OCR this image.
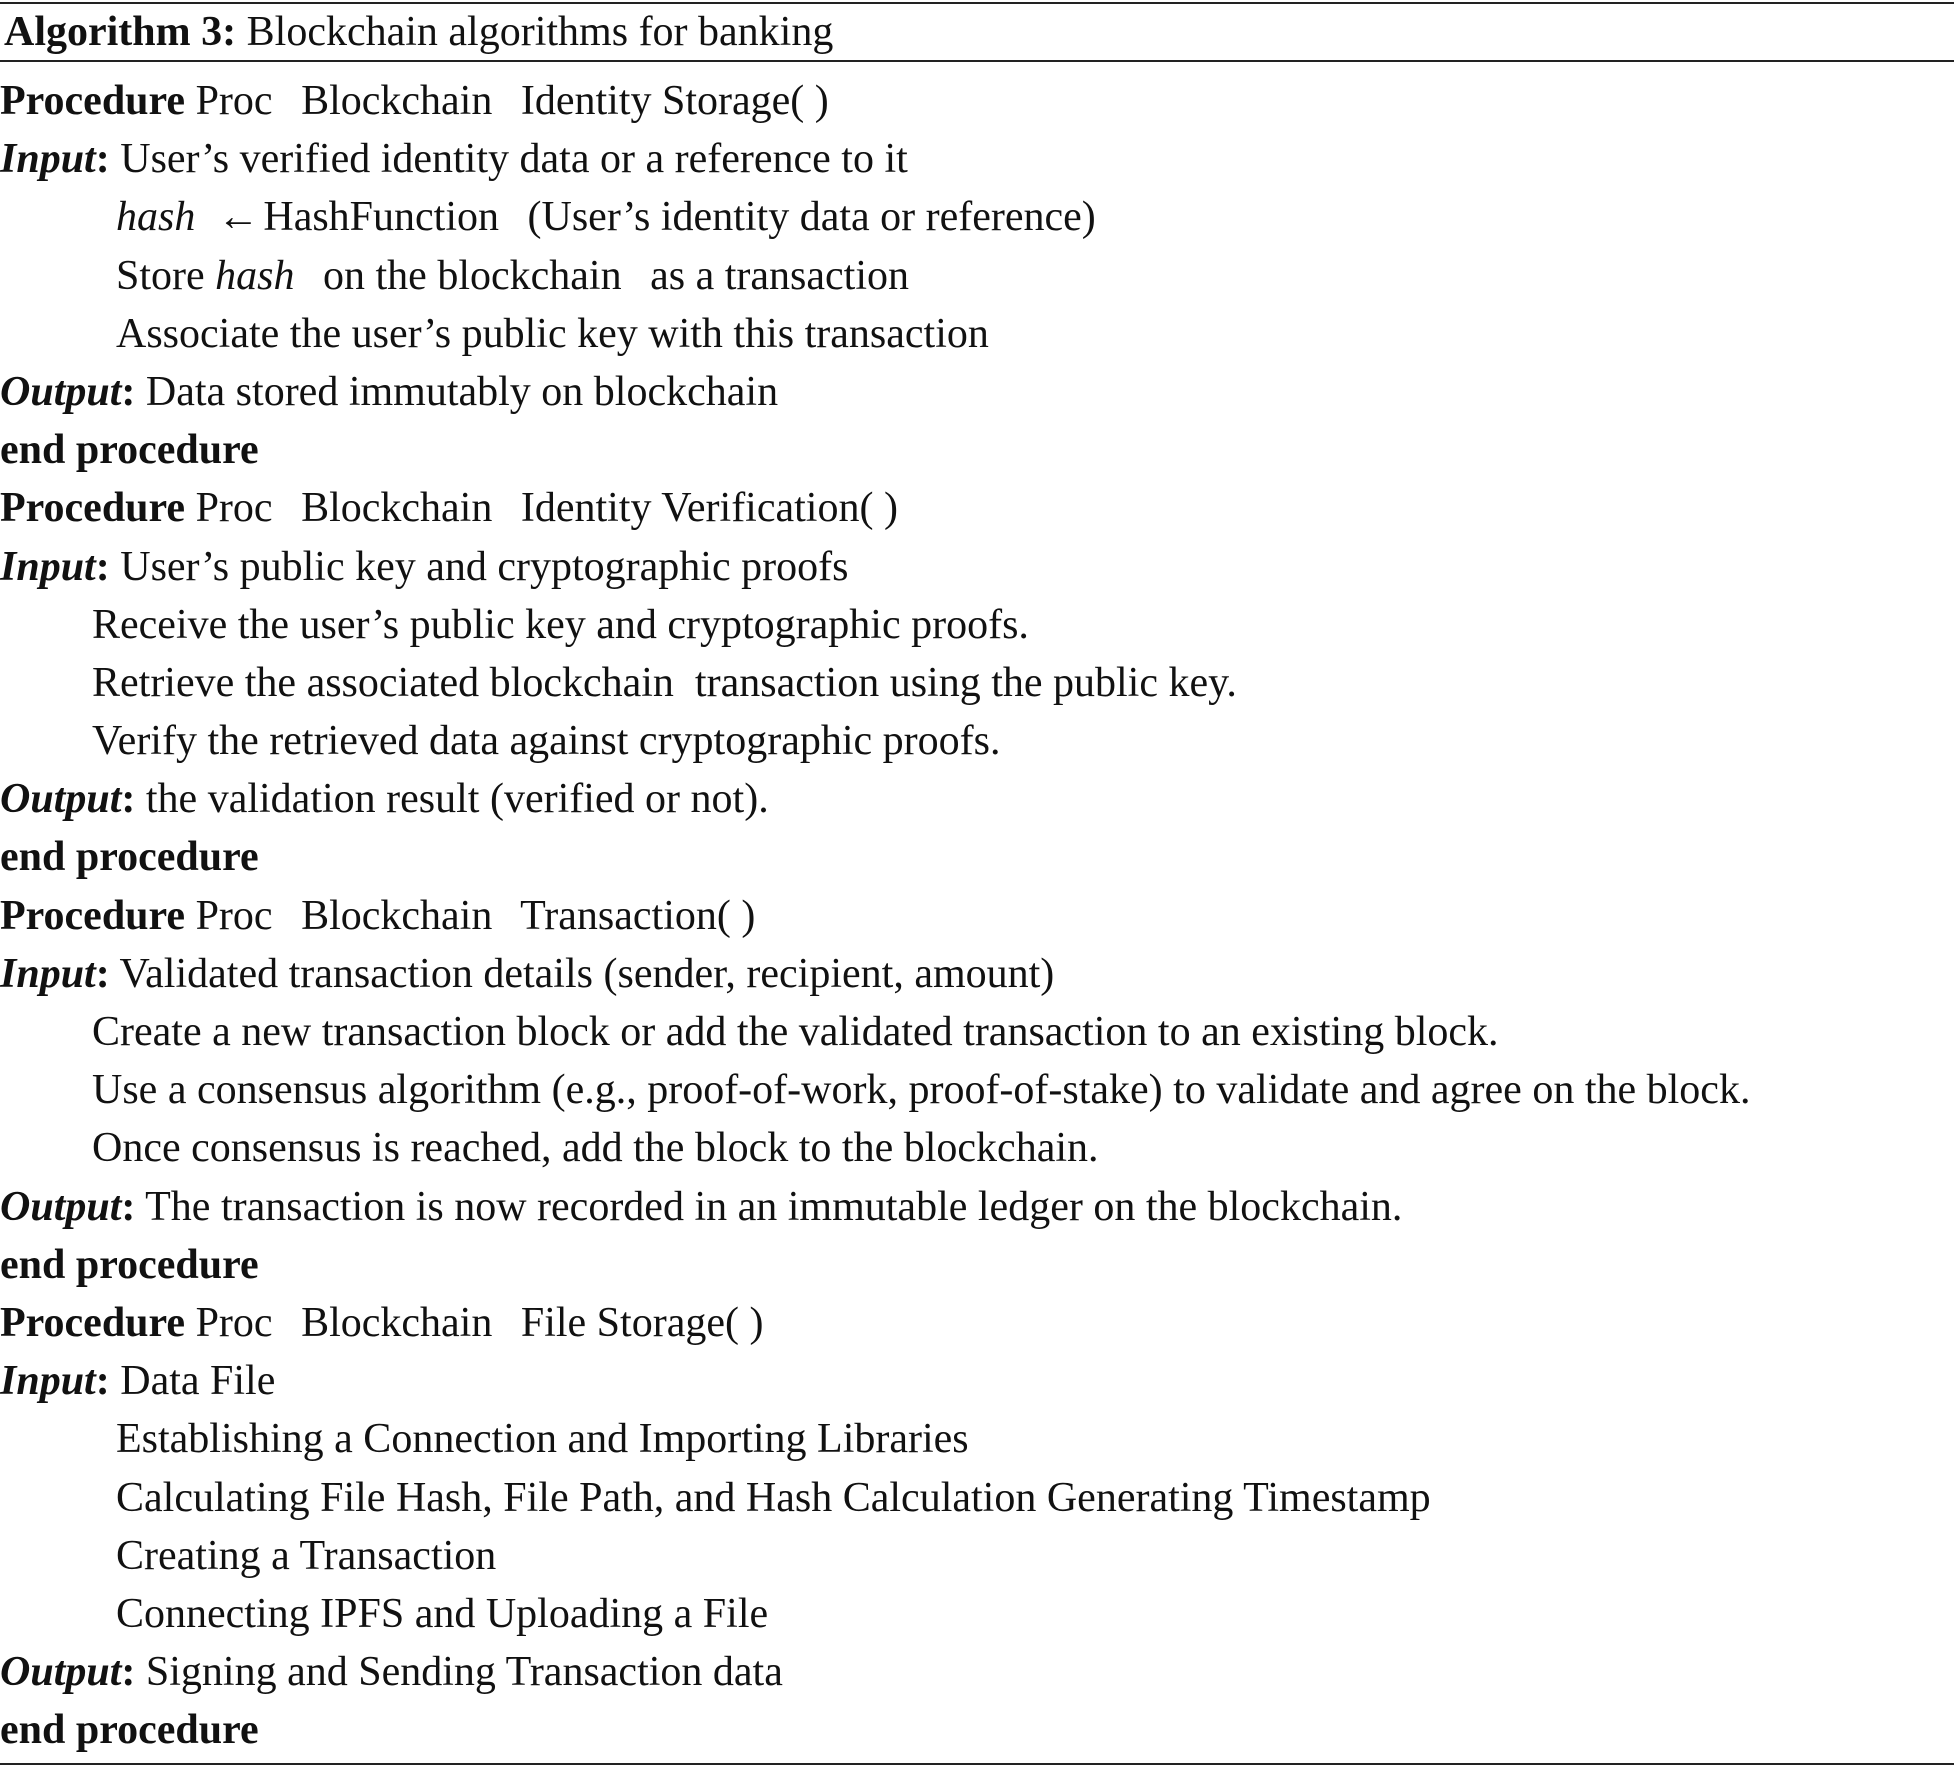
Algorithm 3: Blockchain algorithms for banking
Procedure Proc Blockchain Identity Storage( )
Input: User’s verified identity data or a reference to it
hash ←HashFunction (User’s identity data or reference)
Store hash on the blockchain as a transaction
Associate the user’s public key with this transaction
Output: Data stored immutably on blockchain
end procedure
Procedure Proc Blockchain Identity Verification( )
Input: User’s public key and cryptographic proofs
Receive the user’s public key and cryptographic proofs.
Retrieve the associated blockchain  transaction using the public key.
Verify the retrieved data against cryptographic proofs.
Output: the validation result (verified or not).
end procedure
Procedure Proc Blockchain Transaction( )
Input: Validated transaction details (sender, recipient, amount)
Create a new transaction block or add the validated transaction to an existing block.
Use a consensus algorithm (e.g., proof-of-work, proof-of-stake) to validate and agree on the block.
Once consensus is reached, add the block to the blockchain.
Output: The transaction is now recorded in an immutable ledger on the blockchain.
end procedure
Procedure Proc Blockchain File Storage( )
Input: Data File
Establishing a Connection and Importing Libraries
Calculating File Hash, File Path, and Hash Calculation Generating Timestamp
Creating a Transaction
Connecting IPFS and Uploading a File
Output: Signing and Sending Transaction data
end procedure
